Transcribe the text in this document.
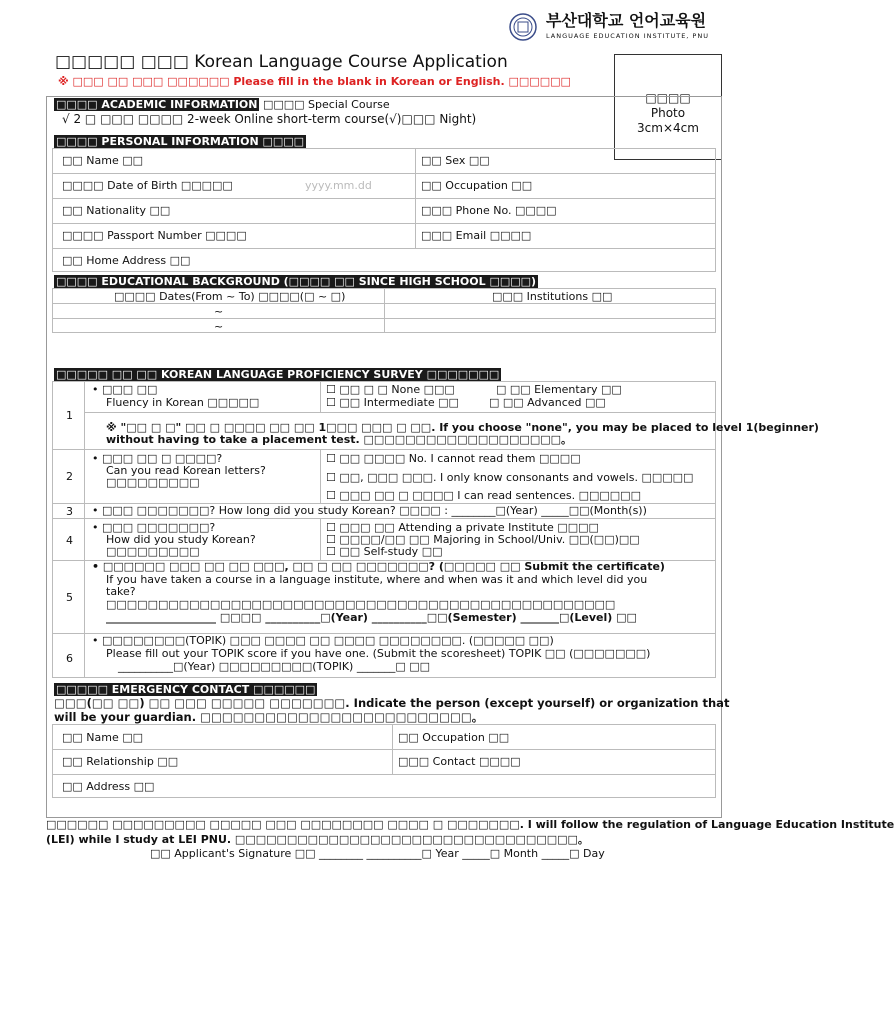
부산대학교 언어교육원
LANGUAGE EDUCATION INSTITUTE, PNU
□□□□□ □□□ Korean Language Course Application
※ □□□ □□ □□□ □□□□□□ Please fill in the blank in Korean or English. □□□□□□
□□□□
Photo
3cm×4cm
□□□□ ACADEMIC INFORMATION □□□□ Special Course
√ 2 □ □□□ □□□□ 2-week Online short-term course(√)□□□ Night)
□□□□ PERSONAL INFORMATION □□□□
□□ Name □□	□□ Sex □□
□□□□ Date of Birth □□□□□	yyyy.mm.dd	□□ Occupation □□
□□ Nationality □□	□□□ Phone No. □□□□
□□□□ Passport Number □□□□	□□□ Email □□□□
□□ Home Address □□
□□□□ EDUCATIONAL BACKGROUND (□□□□ □□ SINCE HIGH SCHOOL □□□□)
□□□□ Dates(From ~ To) □□□□(□ ~ □)	□□□ Institutions □□
~
~
□□□□□ □□ □□ KOREAN LANGUAGE PROFICIENCY SURVEY □□□□□□□
1
• □□□ □□
Fluency in Korean □□□□□
☐ □□ □ □ None □□□	□ □□ Elementary □□
☐ □□ Intermediate □□	□ □□ Advanced □□
※ "□□ □ □" □□ □ □□□□ □□ □□ 1□□□ □□□ □ □□. If you choose "none", you may be placed to level 1(beginner)
without having to take a placement test. □□□□□□□□□□□□□□□□□□□。
2
• □□□ □□ □ □□□□?
Can you read Korean letters?
□□□□□□□□□
☐ □□ □□□□ No. I cannot read them □□□□
☐ □□, □□□ □□□. I only know consonants and vowels. □□□□□
☐ □□□ □□ □ □□□□ I can read sentences. □□□□□□
3 • □□□ □□□□□□□? How long did you study Korean? □□□□ : ________□(Year) _____□□(Month(s))
4
• □□□ □□□□□□□?
How did you study Korean?
□□□□□□□□□
☐ □□□ □□ Attending a private Institute □□□□
☐ □□□□/□□ □□ Majoring in School/Univ. □□(□□)□□
☐ □□ Self-study □□
5
• □□□□□□ □□□ □□ □□ □□□, □□ □ □□ □□□□□□□? (□□□□□ □□ Submit the certificate)
If you have taken a course in a language institute, where and when was it and which level did you
take?
□□□□□□□□□□□□□□□□□□□□□□□□□□□□□□□□□□□□□□□□□□□□□□□□□
____________________ □□□□ __________□(Year) __________□□(Semester) _______□(Level) □□
6
• □□□□□□□□(TOPIK) □□□ □□□□ □□ □□□□ □□□□□□□□. (□□□□□ □□)
Please fill out your TOPIK score if you have one. (Submit the scoresheet) TOPIK □□ (□□□□□□□)
__________□(Year) □□□□□□□□□(TOPIK) _______□ □□
□□□□□ EMERGENCY CONTACT □□□□□□
□□□(□□ □□) □□ □□□ □□□□□ □□□□□□□. Indicate the person (except yourself) or organization that
will be your guardian. □□□□□□□□□□□□□□□□□□□□□□□□□。
□□ Name □□	□□ Occupation □□
□□ Relationship □□	□□□ Contact □□□□
□□ Address □□
□□□□□□ □□□□□□□□□ □□□□□ □□□ □□□□□□□□ □□□□ □ □□□□□□□. I will follow the regulation of Language Education Institute
(LEI) while I study at LEI PNU. □□□□□□□□□□□□□□□□□□□□□□□□□□□□□□□□□。
□□ Applicant's Signature □□ ________ __________□ Year _____□ Month _____□ Day
